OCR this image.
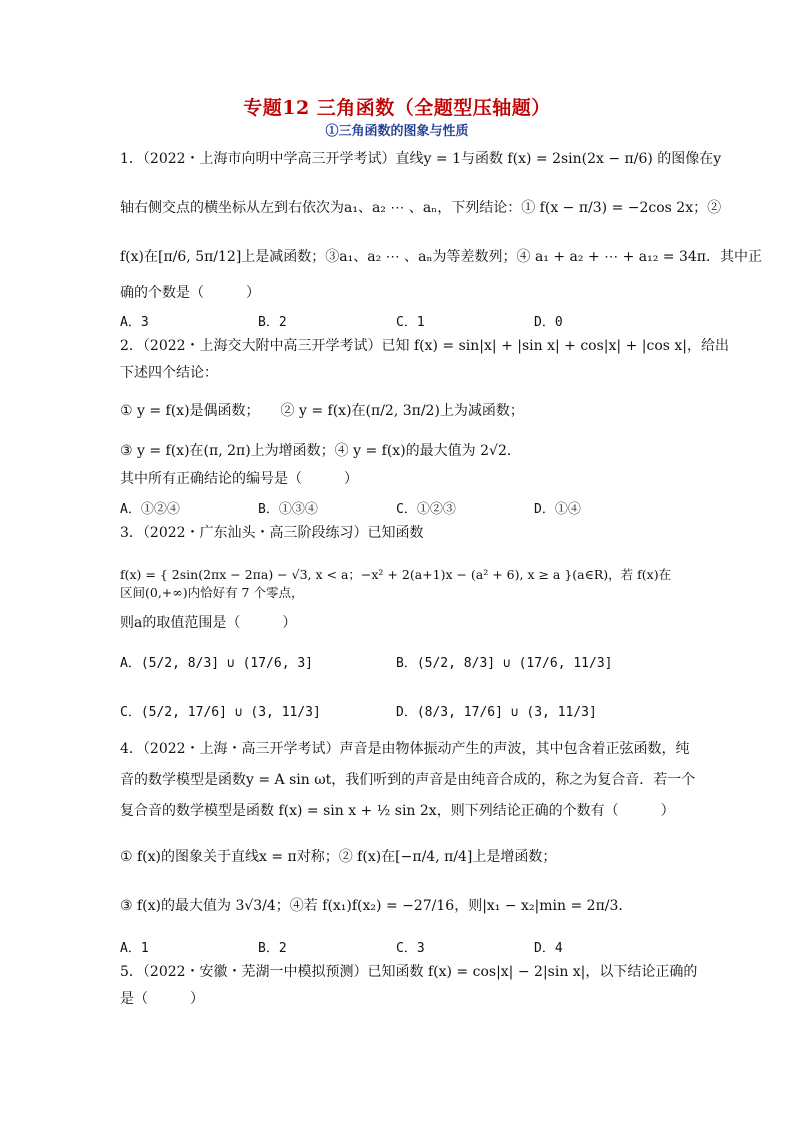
专题12 三角函数（全题型压轴题）
①三角函数的图象与性质
1．（2022・上海市向明中学高三开学考试）直线y = 1与函数 f(x) = 2sin(2x − π/6) 的图像在y
轴右侧交点的横坐标从左到右依次为a₁、a₂ ⋯ 、aₙ，下列结论：① f(x − π/3) = −2cos 2x；②
f(x)在[π/6, 5π/12]上是减函数；③a₁、a₂ ⋯ 、aₙ为等差数列；④ a₁ + a₂ + ⋯ + a₁₂ = 34π．其中正
确的个数是（　　　）
A．3	B．2	C．1	D．0
2．（2022・上海交大附中高三开学考试）已知 f(x) = sin|x| + |sin x| + cos|x| + |cos x|，给出
下述四个结论：
① y = f(x)是偶函数；　　② y = f(x)在(π/2, 3π/2)上为减函数；
③ y = f(x)在(π, 2π)上为增函数；④ y = f(x)的最大值为 2√2．
其中所有正确结论的编号是（　　　）
A．①②④	B．①③④	C．①②③	D．①④
3．（2022・广东汕头・高三阶段练习）已知函数
f(x) = { 2sin(2πx − 2πa) − √3, x < a；−x² + 2(a+1)x − (a² + 6), x ≥ a }(a∈R)，若 f(x)在区间(0,+∞)内恰好有 7 个零点，
则a的取值范围是（　　　）
A．(5/2, 8/3] ∪ (17/6, 3]	B．(5/2, 8/3] ∪ (17/6, 11/3]
C．(5/2, 17/6] ∪ (3, 11/3]	D．(8/3, 17/6] ∪ (3, 11/3]
4．（2022・上海・高三开学考试）声音是由物体振动产生的声波，其中包含着正弦函数，纯
音的数学模型是函数y = A sin ωt，我们听到的声音是由纯音合成的，称之为复合音．若一个
复合音的数学模型是函数 f(x) = sin x + ½ sin 2x，则下列结论正确的个数有（　　　）
① f(x)的图象关于直线x = π对称；② f(x)在[−π/4, π/4]上是增函数；
③ f(x)的最大值为 3√3/4；④若 f(x₁)f(x₂) = −27/16，则|x₁ − x₂|min = 2π/3．
A．1	B．2	C．3	D．4
5．（2022・安徽・芜湖一中模拟预测）已知函数 f(x) = cos|x| − 2|sin x|，以下结论正确的
是（　　　）
